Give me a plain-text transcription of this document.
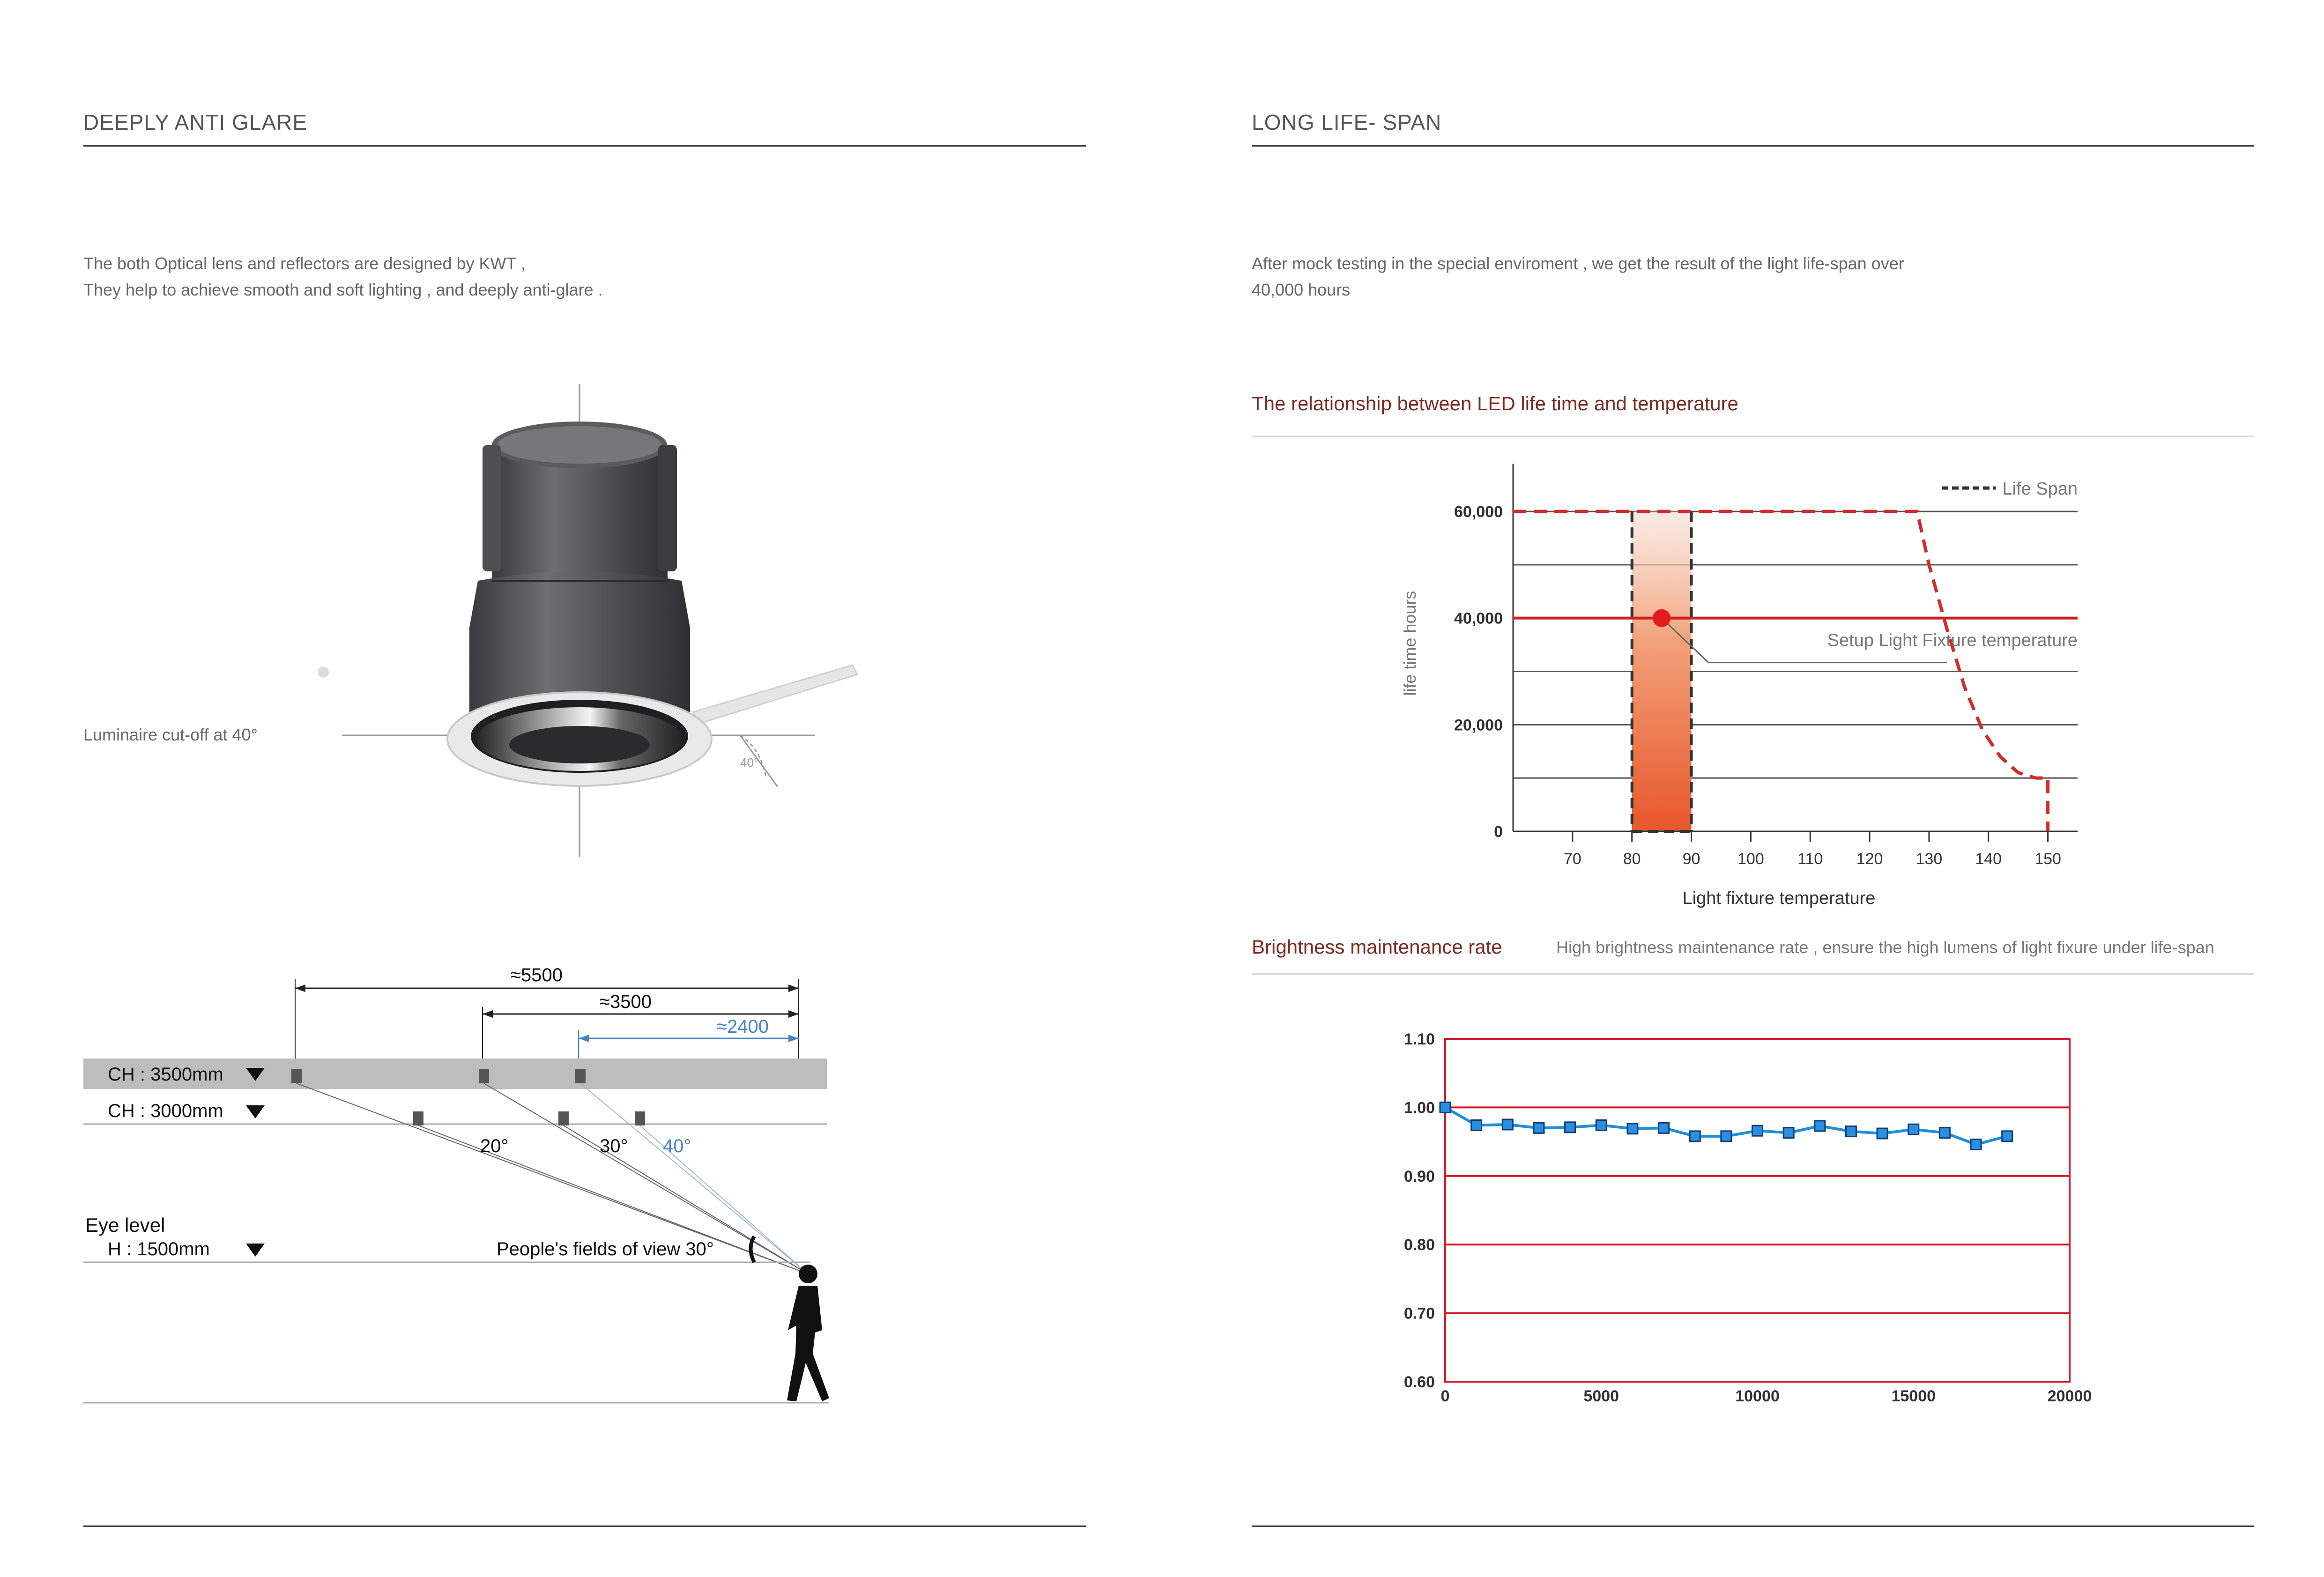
DEEPLY ANTI GLARE
The both Optical lens and reflectors are designed by KWT ,
They help to achieve smooth and soft lighting , and deeply anti-glare .
40°
Luminaire cut-off at 40°
≈5500
≈3500
≈2400
CH : 3500mm
CH : 3000mm
20°	30° 40°
Eye level
H : 1500mm	People's fields of view 30°
LONG LIFE- SPAN
After mock testing in the special enviroment , we get the result of the light life-span over
40,000 hours
The relationship between LED life time and temperature
Setup Light Fixture temperature
70	80	90 100 110 120 130 140 150
0
20,000
40,000
60,000
Light fixture temperature
life time hours
Life Span
Brightness maintenance rate	High brightness maintenance rate , ensure the high lumens of light fixure under life-span
0.60
0.70
0.80
0.90
1.00
1.10
0	5000	10000	15000	20000
